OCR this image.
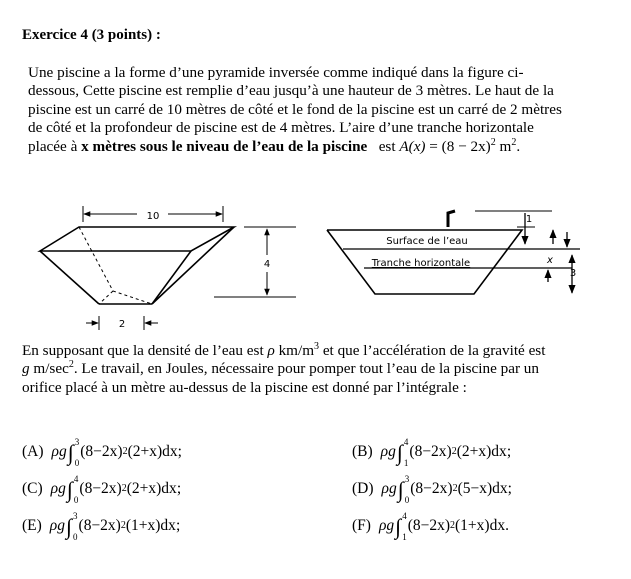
Exercice 4 (3 points) :
Une piscine a la forme d’une pyramide inversée comme indiqué dans la figure ci-
dessous, Cette piscine est remplie d’eau jusqu’à une hauteur de 3 mètres. Le haut de la
piscine est un carré de 10 mètres de côté et le fond de la piscine est un carré de 2 mètres
de côté et la profondeur de piscine est de 4 mètres. L’aire d’une tranche horizontale
placée à x mètres sous le niveau de l’eau de la piscine   est $A(x) = (8 - 2x)^2$ $m^2$.
10
4
2
Surface de l’eau
Tranche horizontale
1
x
3
En supposant que la densité de l’eau est ρ $km/m^3$ et que l’accélération de la gravité est
g $m/\sec^2$. Le travail, en Joules, nécessaire pour pomper tout l’eau de la piscine par un
orifice placé à un mètre au-dessus de la piscine est donné par l’intégrale :
(A) ρg ∫ 3
0
(8−2x) 2 (2+x)dx ;	(B) ρg ∫ 4
1
(8−2x) 2 (2+x)dx ;
(C) ρg ∫ 4
0
(8−2x) 2 (2+x)dx ;	(D) ρg ∫ 3
0
(8−2x) 2 (5−x)dx ;
(E) ρg ∫ 3
0
(8−2x) 2 (1+x)dx ;	(F) ρg ∫ 4
1
(8−2x) 2 (1+x)dx .
